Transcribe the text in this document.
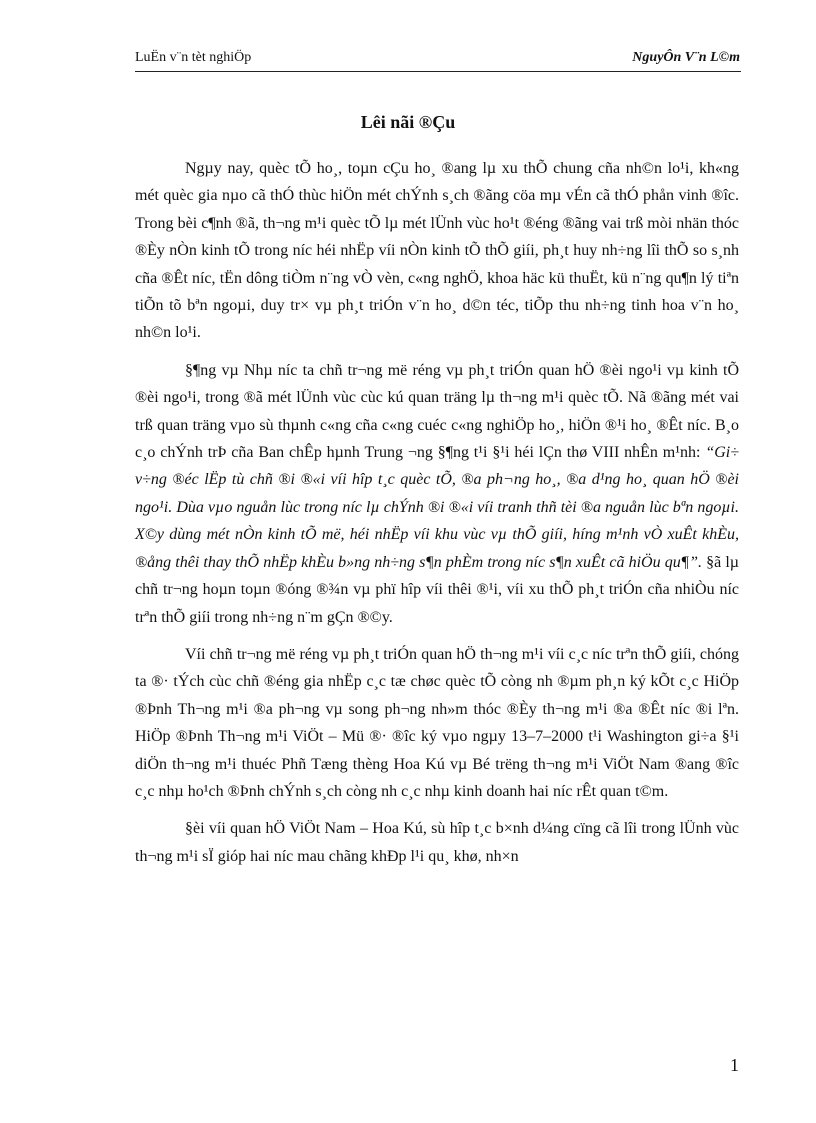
LuËn v¨n tèt nghiÖp	NguyÔn V¨n L©m
Lêi nãi ®Çu

Ngµy nay, quèc tÕ ho¸, toµn cÇu ho¸ ®ang lµ xu thÕ chung cña nh©n lo¹i, kh«ng mét quèc gia nµo cã thÓ thùc hiÖn mét chÝnh s¸ch ®ãng cöa mµ vÉn cã thÓ phån vinh ®îc. Trong bèi c¶nh ®ã, th¬ng m¹i quèc tÕ lµ mét lÜnh vùc ho¹t ®éng ®ãng vai trß mòi nhän thóc ®Èy nÒn kinh tÕ trong níc héi nhËp víi nÒn kinh tÕ thÕ giíi, ph¸t huy nh÷ng lîi thÕ so s¸nh cña ®Êt níc, tËn dông tiÒm n¨ng vÒ vèn, c«ng nghÖ, khoa häc kü thuËt, kü n¨ng qu¶n lý tiªn tiÕn tõ bªn ngoµi, duy tr× vµ ph¸t triÓn v¨n ho¸ d©n téc, tiÕp thu nh÷ng tinh hoa v¨n ho¸ nh©n lo¹i.

§¶ng vµ Nhµ níc ta chñ tr¬ng më réng vµ ph¸t triÓn quan hÖ ®èi ngo¹i vµ kinh tÕ ®èi ngo¹i, trong ®ã mét lÜnh vùc cùc kú quan träng lµ th¬ng m¹i quèc tÕ. Nã ®ãng mét vai trß quan träng vµo sù thµnh c«ng cña c«ng cuéc c«ng nghiÖp ho¸, hiÖn ®¹i ho¸ ®Êt níc. B¸o c¸o chÝnh trÞ cña Ban chÊp hµnh Trung ¬ng §¶ng t¹i §¹i héi lÇn thø VIII nhÊn m¹nh: “Gi÷ v÷ng ®éc lËp tù chñ ®i ®«i víi hîp t¸c quèc tÕ, ®a ph¬ng ho¸, ®a d¹ng ho¸ quan hÖ ®èi ngo¹i. Dùa vµo nguån lùc trong níc lµ chÝnh ®i ®«i víi tranh thñ tèi ®a nguån lùc bªn ngoµi. X©y dùng mét nÒn kinh tÕ më, héi nhËp víi khu vùc vµ thÕ giíi, híng m¹nh vÒ xuÊt khÈu, ®ång thêi thay thÕ nhËp khÈu b»ng nh÷ng s¶n phÈm trong níc s¶n xuÊt cã hiÖu qu¶”. §ã lµ chñ tr¬ng hoµn toµn ®óng ®¾n vµ phï hîp víi thêi ®¹i, víi xu thÕ ph¸t triÓn cña nhiÒu níc trªn thÕ giíi trong nh÷ng n¨m gÇn ®©y.

Víi chñ tr¬ng më réng vµ ph¸t triÓn quan hÖ th¬ng m¹i víi c¸c níc trªn thÕ giíi, chóng ta ®· tÝch cùc chñ ®éng gia nhËp c¸c tæ chøc quèc tÕ còng nh ®µm ph¸n ký kÕt c¸c HiÖp ®Þnh Th¬ng m¹i ®a ph¬ng vµ song ph¬ng nh»m thóc ®Èy th¬ng m¹i ®a ®Êt níc ®i lªn. HiÖp ®Þnh Th¬ng m¹i ViÖt – Mü ®· ®îc ký vµo ngµy 13–7–2000 t¹i Washington gi÷a §¹i diÖn th¬ng m¹i thuéc Phñ Tæng thèng Hoa Kú vµ Bé trëng th¬ng m¹i ViÖt Nam ®ang ®îc c¸c nhµ ho¹ch ®Þnh chÝnh s¸ch còng nh c¸c nhµ kinh doanh hai níc rÊt quan t©m.

§èi víi quan hÖ ViÖt Nam – Hoa Kú, sù hîp t¸c b×nh d¼ng cïng cã lîi trong lÜnh vùc th¬ng m¹i sÏ gióp hai níc mau chãng khÐp l¹i qu¸ khø, nh×n

1
